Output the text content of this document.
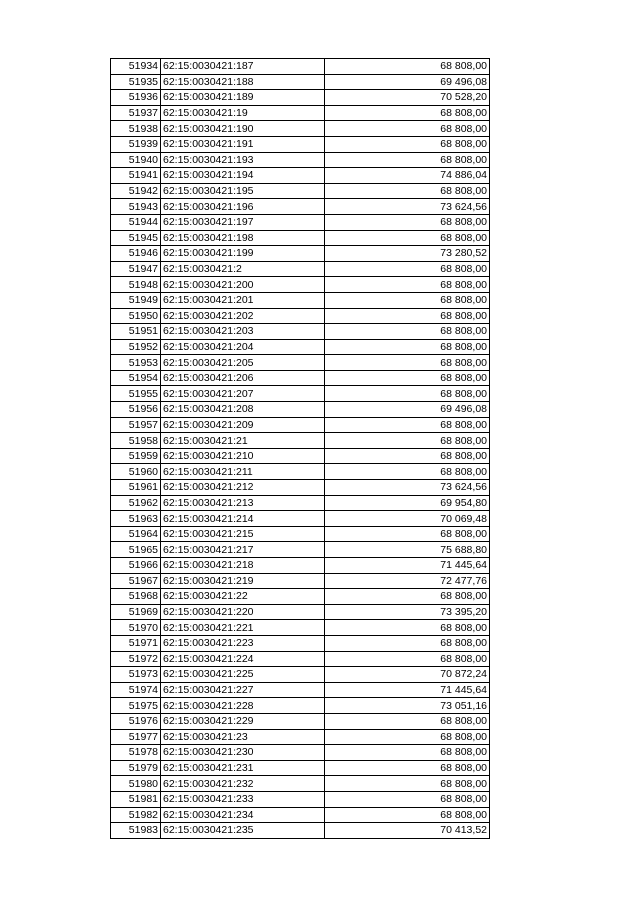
51934	62:15:0030421:187	68 808,00
51935	62:15:0030421:188	69 496,08
51936	62:15:0030421:189	70 528,20
51937	62:15:0030421:19	68 808,00
51938	62:15:0030421:190	68 808,00
51939	62:15:0030421:191	68 808,00
51940	62:15:0030421:193	68 808,00
51941	62:15:0030421:194	74 886,04
51942	62:15:0030421:195	68 808,00
51943	62:15:0030421:196	73 624,56
51944	62:15:0030421:197	68 808,00
51945	62:15:0030421:198	68 808,00
51946	62:15:0030421:199	73 280,52
51947	62:15:0030421:2	68 808,00
51948	62:15:0030421:200	68 808,00
51949	62:15:0030421:201	68 808,00
51950	62:15:0030421:202	68 808,00
51951	62:15:0030421:203	68 808,00
51952	62:15:0030421:204	68 808,00
51953	62:15:0030421:205	68 808,00
51954	62:15:0030421:206	68 808,00
51955	62:15:0030421:207	68 808,00
51956	62:15:0030421:208	69 496,08
51957	62:15:0030421:209	68 808,00
51958	62:15:0030421:21	68 808,00
51959	62:15:0030421:210	68 808,00
51960	62:15:0030421:211	68 808,00
51961	62:15:0030421:212	73 624,56
51962	62:15:0030421:213	69 954,80
51963	62:15:0030421:214	70 069,48
51964	62:15:0030421:215	68 808,00
51965	62:15:0030421:217	75 688,80
51966	62:15:0030421:218	71 445,64
51967	62:15:0030421:219	72 477,76
51968	62:15:0030421:22	68 808,00
51969	62:15:0030421:220	73 395,20
51970	62:15:0030421:221	68 808,00
51971	62:15:0030421:223	68 808,00
51972	62:15:0030421:224	68 808,00
51973	62:15:0030421:225	70 872,24
51974	62:15:0030421:227	71 445,64
51975	62:15:0030421:228	73 051,16
51976	62:15:0030421:229	68 808,00
51977	62:15:0030421:23	68 808,00
51978	62:15:0030421:230	68 808,00
51979	62:15:0030421:231	68 808,00
51980	62:15:0030421:232	68 808,00
51981	62:15:0030421:233	68 808,00
51982	62:15:0030421:234	68 808,00
51983	62:15:0030421:235	70 413,52
